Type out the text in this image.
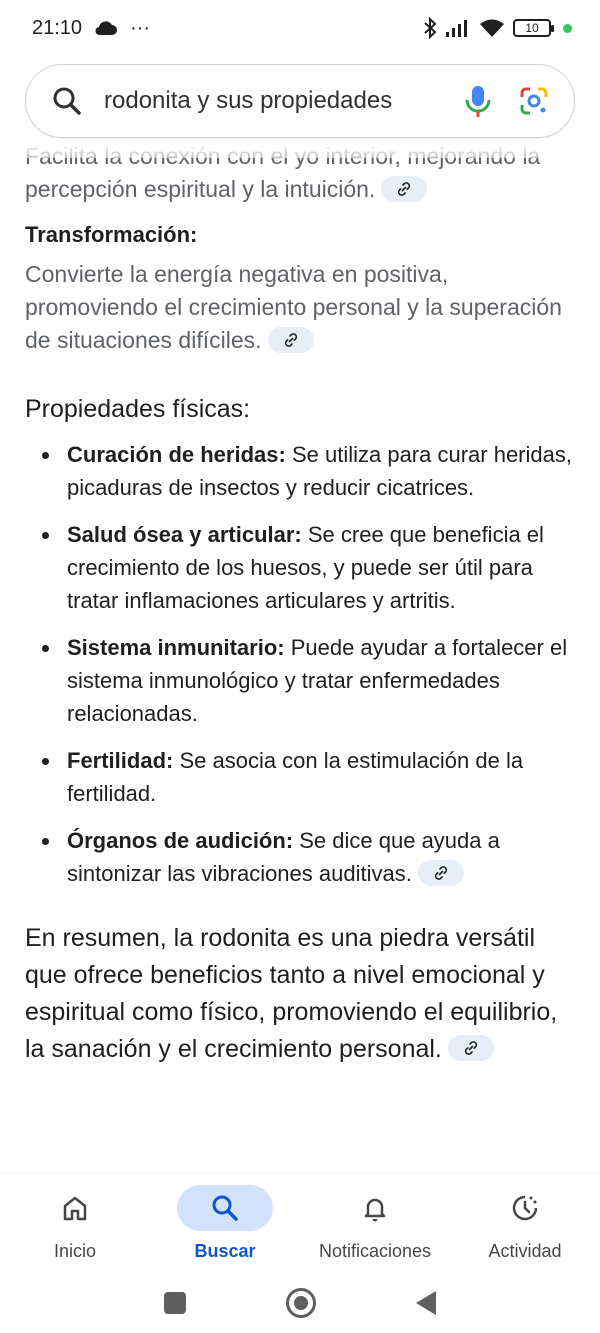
21:10 ···	10
rodonita y sus propiedades

percepción espiritual y la intuición.

Transformación:

Convierte la energía negativa en positiva, promoviendo el crecimiento personal y la superación de situaciones difíciles.

Propiedades físicas:
Curación de heridas: Se utiliza para curar heridas, picaduras de insectos y reducir cicatrices.
Salud ósea y articular: Se cree que beneficia el crecimiento de los huesos, y puede ser útil para tratar inflamaciones articulares y artritis.
Sistema inmunitario: Puede ayudar a fortalecer el sistema inmunológico y tratar enfermedades relacionadas.
Fertilidad: Se asocia con la estimulación de la fertilidad.
Órganos de audición: Se dice que ayuda a sintonizar las vibraciones auditivas.

En resumen, la rodonita es una piedra versátil que ofrece beneficios tanto a nivel emocional y espiritual como físico, promoviendo el equilibrio, la sanación y el crecimiento personal.

Inicio	Buscar	Notificaciones	Actividad
